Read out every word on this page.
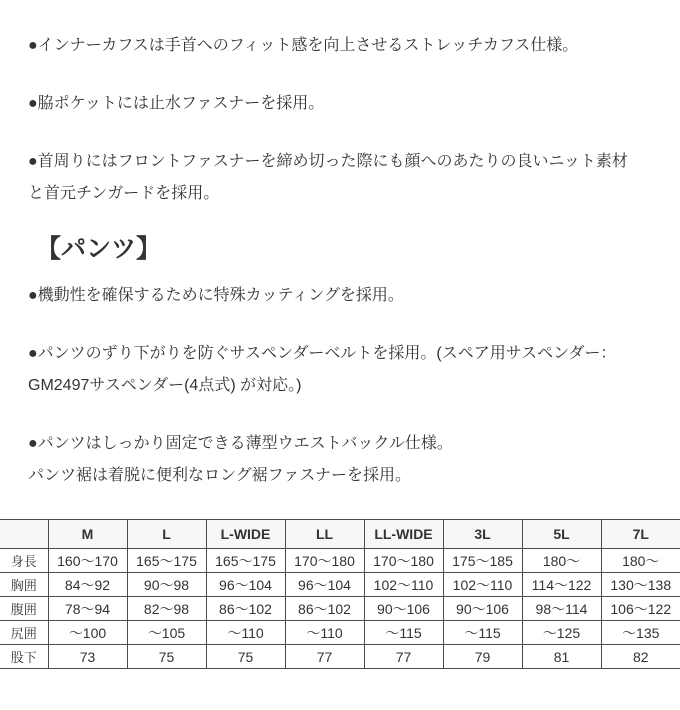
●インナーカフスは手首へのフィット感を向上させるストレッチカフス仕様。

●脇ポケットには止水ファスナーを採用。

●首周りにはフロントファスナーを締め切った際にも顔へのあたりの良いニット素材
と首元チンガードを採用。

【パンツ】

●機動性を確保するために特殊カッティングを採用。

●パンツのずり下がりを防ぐサスペンダーベルトを採用。(スペア用サスペンダー：
GM2497サスペンダー(4点式) が対応。)

●パンツはしっかり固定できる薄型ウエストバックル仕様。
パンツ裾は着脱に便利なロング裾ファスナーを採用。

	M	L	L-WIDE	LL	LL-WIDE	3L	5L	7L
身長	160～170	165～175	165～175	170～180	170～180	175～185	180～	180～
胸囲	84～92	90～98	96～104	96～104	102～110	102～110	114～122	130～138
腹囲	78～94	82～98	86～102	86～102	90～106	90～106	98～114	106～122
尻囲	～100	～105	～110	～110	～115	～115	～125	～135
股下	73	75	75	77	77	79	81	82
